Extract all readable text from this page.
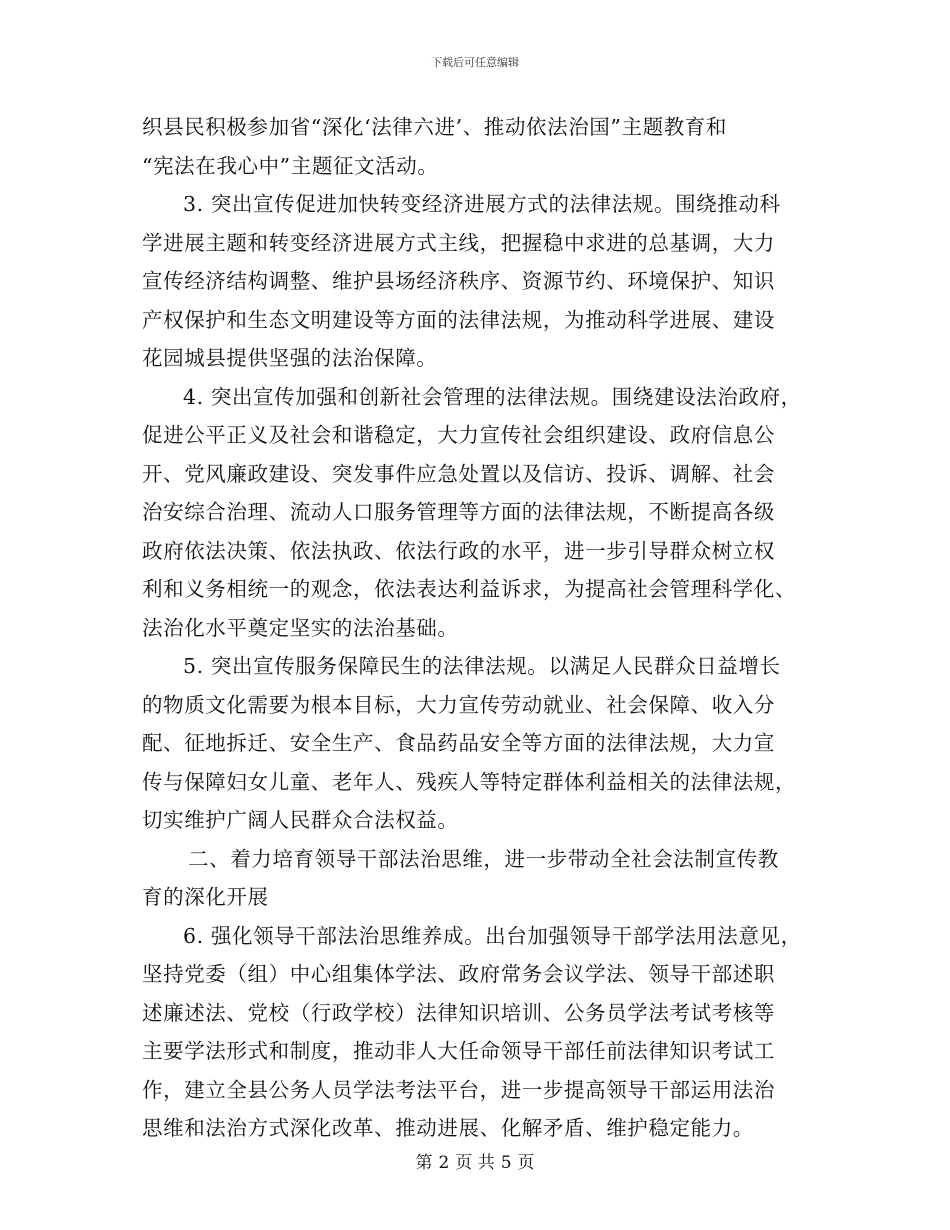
下载后可任意编辑
织县民积极参加省“深化‘法律六进’、推动依法治国”主题教育和
“宪法在我心中”主题征文活动。
3. 突出宣传促进加快转变经济进展方式的法律法规。围绕推动科
学进展主题和转变经济进展方式主线，把握稳中求进的总基调，大力
宣传经济结构调整、维护县场经济秩序、资源节约、环境保护、知识
产权保护和生态文明建设等方面的法律法规，为推动科学进展、建设
花园城县提供坚强的法治保障。
4. 突出宣传加强和创新社会管理的法律法规。围绕建设法治政府，
促进公平正义及社会和谐稳定，大力宣传社会组织建设、政府信息公
开、党风廉政建设、突发事件应急处置以及信访、投诉、调解、社会
治安综合治理、流动人口服务管理等方面的法律法规，不断提高各级
政府依法决策、依法执政、依法行政的水平，进一步引导群众树立权
利和义务相统一的观念，依法表达利益诉求，为提高社会管理科学化、
法治化水平奠定坚实的法治基础。
5. 突出宣传服务保障民生的法律法规。以满足人民群众日益增长
的物质文化需要为根本目标，大力宣传劳动就业、社会保障、收入分
配、征地拆迁、安全生产、食品药品安全等方面的法律法规，大力宣
传与保障妇女儿童、老年人、残疾人等特定群体利益相关的法律法规，
切实维护广阔人民群众合法权益。
二、着力培育领导干部法治思维，进一步带动全社会法制宣传教
育的深化开展
6. 强化领导干部法治思维养成。出台加强领导干部学法用法意见，
坚持党委（组）中心组集体学法、政府常务会议学法、领导干部述职
述廉述法、党校（行政学校）法律知识培训、公务员学法考试考核等
主要学法形式和制度，推动非人大任命领导干部任前法律知识考试工
作，建立全县公务人员学法考法平台，进一步提高领导干部运用法治
思维和法治方式深化改革、推动进展、化解矛盾、维护稳定能力。
第 2 页 共 5 页
